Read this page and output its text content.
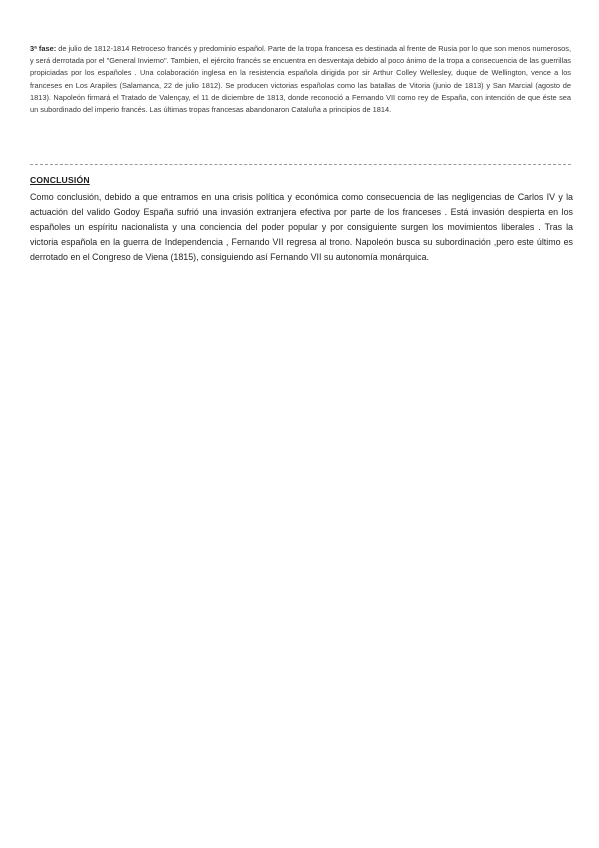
3ª fase: de julio de 1812-1814 Retroceso francés y predominio español. Parte de la tropa francesa es destinada al frente de Rusia por lo que son menos numerosos, y será derrotada por el "General Invierno". Tambien, el ejército francés se encuentra en desventaja debido al poco ánimo de la tropa a consecuencia de las guerrillas propiciadas por los españoles . Una colaboración inglesa en la resistencia española dirigida por sir Arthur Colley Wellesley, duque de Wellington, vence a los franceses en Los Arapiles (Salamanca, 22 de julio 1812). Se producen victorias españolas como las batallas de Vitoria (junio de 1813) y San Marcial (agosto de 1813). Napoleón firmará el Tratado de Valençay, el 11 de diciembre de 1813, donde reconoció a Fernando VII como rey de España, con intención de que éste sea un subordinado del imperio francés. Las últimas tropas francesas abandonaron Cataluña a principios de 1814.

CONCLUSIÓN

Como conclusión, debido a que entramos en una crisis política y económica como consecuencia de las negligencias de Carlos IV y la actuación del valido Godoy España sufrió una invasión extranjera efectiva por parte de los franceses . Está invasión despierta en los españoles un espíritu nacionalista y una conciencia del poder popular y por consiguiente surgen los movimientos liberales . Tras la victoria española en la guerra de Independencia , Fernando VII regresa al trono. Napoleón busca su subordinación ,pero este último es derrotado en el Congreso de Viena (1815), consiguiendo así Fernando VII su autonomía monárquica.
